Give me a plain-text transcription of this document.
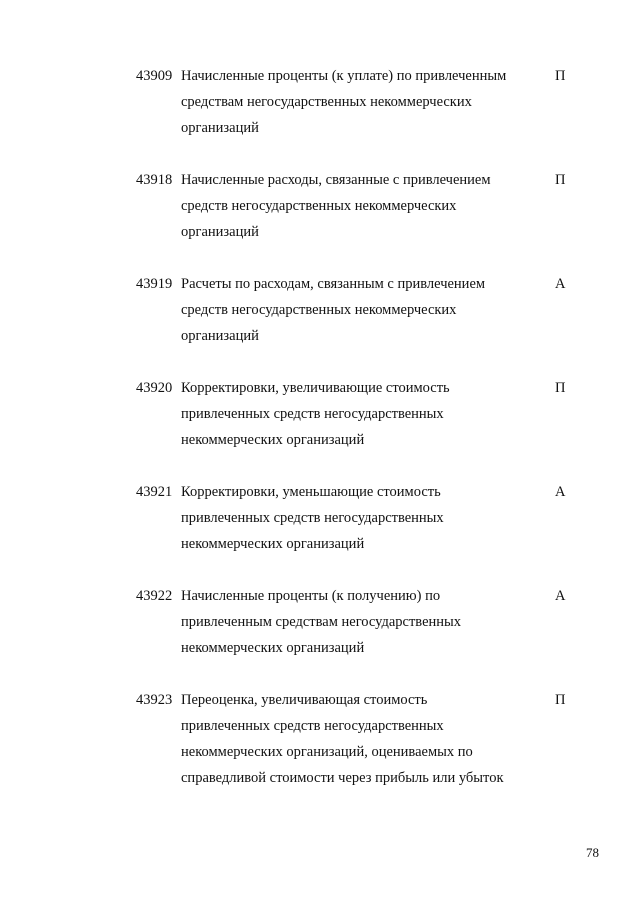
43909 Начисленные проценты (к уплате) по привлеченным
средствам негосударственных некоммерческих
организаций
П
43918 Начисленные расходы, связанные с привлечением
средств негосударственных некоммерческих
организаций
П
43919 Расчеты по расходам, связанным с привлечением
средств негосударственных некоммерческих
организаций
А
43920 Корректировки, увеличивающие стоимость
привлеченных средств негосударственных
некоммерческих организаций
П
43921 Корректировки, уменьшающие стоимость
привлеченных средств негосударственных
некоммерческих организаций
А
43922 Начисленные проценты (к получению) по
привлеченным средствам негосударственных
некоммерческих организаций
А
43923 Переоценка, увеличивающая стоимость
привлеченных средств негосударственных
некоммерческих организаций, оцениваемых по
справедливой стоимости через прибыль или убыток
П
78
